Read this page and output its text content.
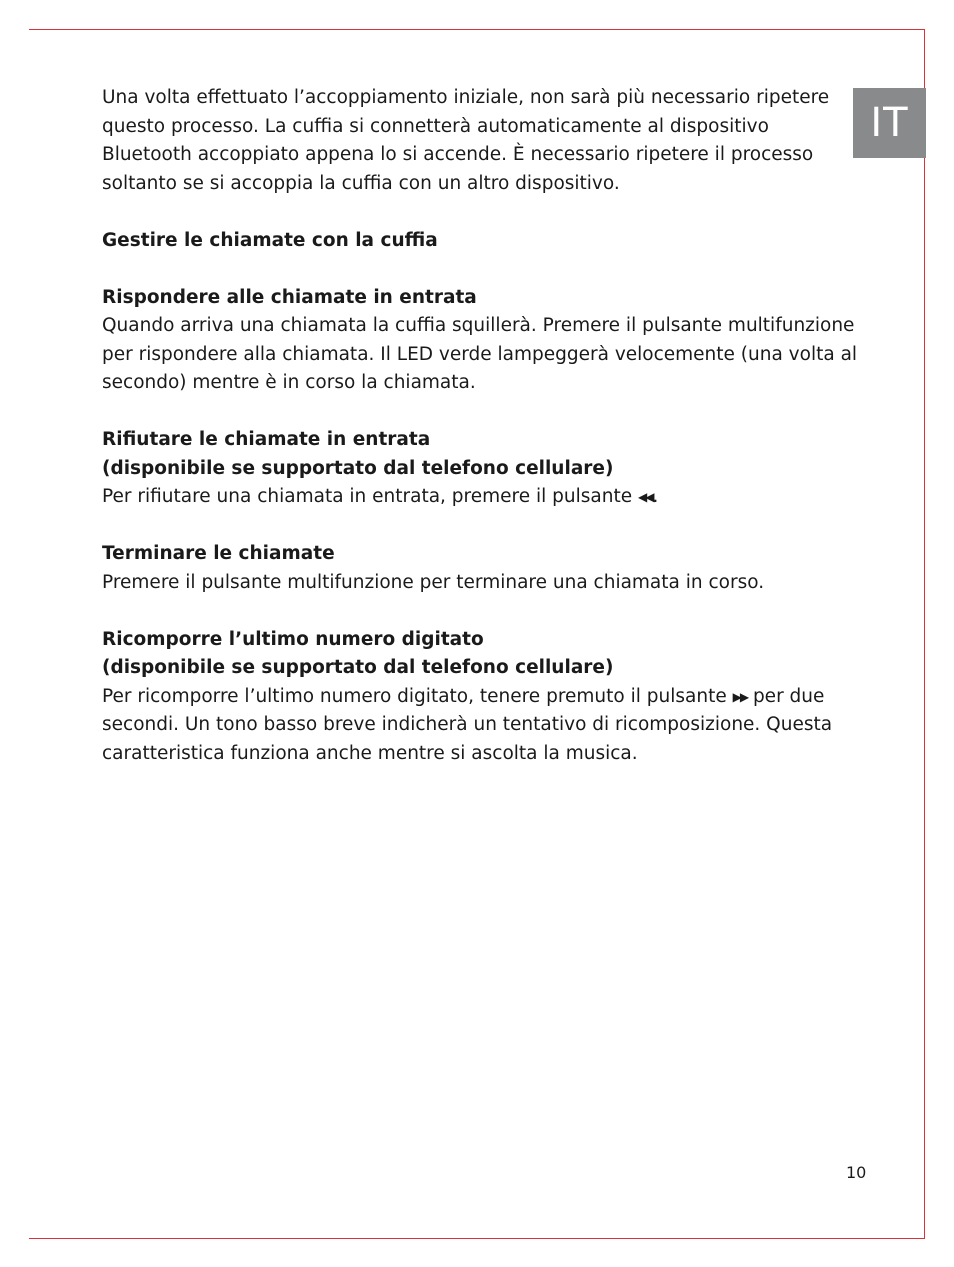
IT

Una volta effettuato l’accoppiamento iniziale, non sarà più necessario ripetere questo processo. La cuffia si connetterà automaticamente al dispositivo Bluetooth accoppiato appena lo si accende. È necessario ripetere il processo soltanto se si accoppia la cuffia con un altro dispositivo.

Gestire le chiamate con la cuffia
Rispondere alle chiamate in entrata

Quando arriva una chiamata la cuffia squillerà. Premere il pulsante multifunzione per rispondere alla chiamata. Il LED verde lampeggerà velocemente (una volta al secondo) mentre è in corso la chiamata.

Rifiutare le chiamate in entrata
(disponibile se supportato dal telefono cellulare)

Per rifiutare una chiamata in entrata, premere il pulsante ◀◀.

Terminare le chiamate

Premere il pulsante multifunzione per terminare una chiamata in corso.

Ricomporre l’ultimo numero digitato
(disponibile se supportato dal telefono cellulare)

Per ricomporre l’ultimo numero digitato, tenere premuto il pulsante ▶▶ per due secondi. Un tono basso breve indicherà un tentativo di ricomposizione. Questa caratteristica funziona anche mentre si ascolta la musica.

10
